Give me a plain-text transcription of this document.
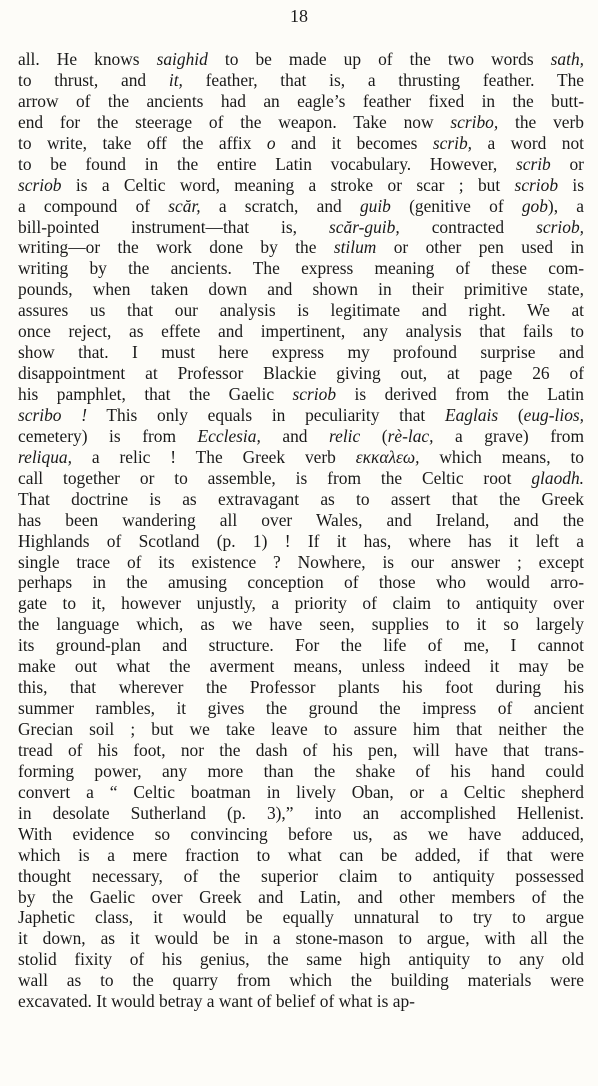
18
all. He knows saighid to be made up of the two words sath,
to thrust, and it, feather, that is, a thrusting feather. The
arrow of the ancients had an eagle’s feather fixed in the butt-
end for the steerage of the weapon. Take now scribo, the verb
to write, take off the affix o and it becomes scrib, a word not
to be found in the entire Latin vocabulary. However, scrib or
scriob is a Celtic word, meaning a stroke or scar ; but scriob is
a compound of scăr, a scratch, and guib (genitive of gob), a
bill-pointed instrument—that is, scăr-guib, contracted scriob,
writing—or the work done by the stilum or other pen used in
writing by the ancients. The express meaning of these com-
pounds, when taken down and shown in their primitive state,
assures us that our analysis is legitimate and right. We at
once reject, as effete and impertinent, any analysis that fails to
show that. I must here express my profound surprise and
disappointment at Professor Blackie giving out, at page 26 of
his pamphlet, that the Gaelic scriob is derived from the Latin
scribo ! This only equals in peculiarity that Eaglais (eug-lios,
cemetery) is from Ecclesia, and relic (rè-lac, a grave) from
reliqua, a relic ! The Greek verb εκκαλεω, which means, to
call together or to assemble, is from the Celtic root glaodh.
That doctrine is as extravagant as to assert that the Greek
has been wandering all over Wales, and Ireland, and the
Highlands of Scotland (p. 1) ! If it has, where has it left a
single trace of its existence ? Nowhere, is our answer ; except
perhaps in the amusing conception of those who would arro-
gate to it, however unjustly, a priority of claim to antiquity over
the language which, as we have seen, supplies to it so largely
its ground-plan and structure. For the life of me, I cannot
make out what the averment means, unless indeed it may be
this, that wherever the Professor plants his foot during his
summer rambles, it gives the ground the impress of ancient
Grecian soil ; but we take leave to assure him that neither the
tread of his foot, nor the dash of his pen, will have that trans-
forming power, any more than the shake of his hand could
convert a “ Celtic boatman in lively Oban, or a Celtic shepherd
in desolate Sutherland (p. 3),” into an accomplished Hellenist.
With evidence so convincing before us, as we have adduced,
which is a mere fraction to what can be added, if that were
thought necessary, of the superior claim to antiquity possessed
by the Gaelic over Greek and Latin, and other members of the
Japhetic class, it would be equally unnatural to try to argue
it down, as it would be in a stone-mason to argue, with all the
stolid fixity of his genius, the same high antiquity to any old
wall as to the quarry from which the building materials were
excavated. It would betray a want of belief of what is ap-
